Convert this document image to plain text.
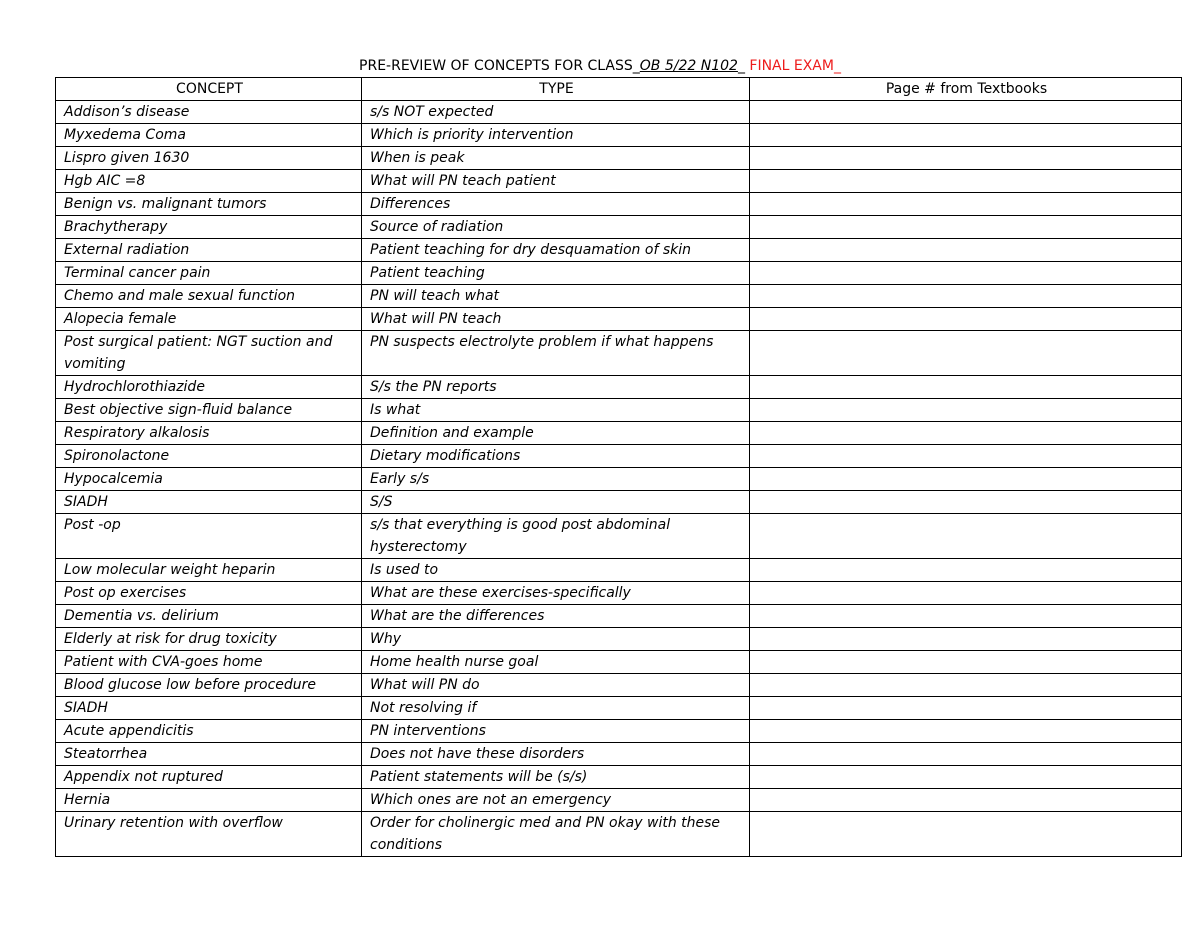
PRE-REVIEW OF CONCEPTS FOR CLASS_OB 5/22 N102_ FINAL EXAM_
CONCEPT	TYPE	Page # from Textbooks
Addison’s disease	s/s NOT expected	
Myxedema Coma	Which is priority intervention	
Lispro given 1630	When is peak	
Hgb AIC =8	What will PN teach patient	
Benign vs. malignant tumors	Differences	
Brachytherapy	Source of radiation	
External radiation	Patient teaching for dry desquamation of skin	
Terminal cancer pain	Patient teaching	
Chemo and male sexual function	PN will teach what	
Alopecia female	What will PN teach	
Post surgical patient: NGT suction and vomiting	PN suspects electrolyte problem if what happens	
Hydrochlorothiazide	S/s the PN reports	
Best objective sign-fluid balance	Is what	
Respiratory alkalosis	Definition and example	
Spironolactone	Dietary modifications	
Hypocalcemia	Early s/s	
SIADH	S/S	
Post -op	s/s that everything is good post abdominal hysterectomy	
Low molecular weight heparin	Is used to	
Post op exercises	What are these exercises-specifically	
Dementia vs. delirium	What are the differences	
Elderly at risk for drug toxicity	Why	
Patient with CVA-goes home	Home health nurse goal	
Blood glucose low before procedure	What will PN do	
SIADH	Not resolving if	
Acute appendicitis	PN interventions	
Steatorrhea	Does not have these disorders	
Appendix not ruptured	Patient statements will be (s/s)	
Hernia	Which ones are not an emergency	
Urinary retention with overflow	Order for cholinergic med and PN okay with these conditions	
